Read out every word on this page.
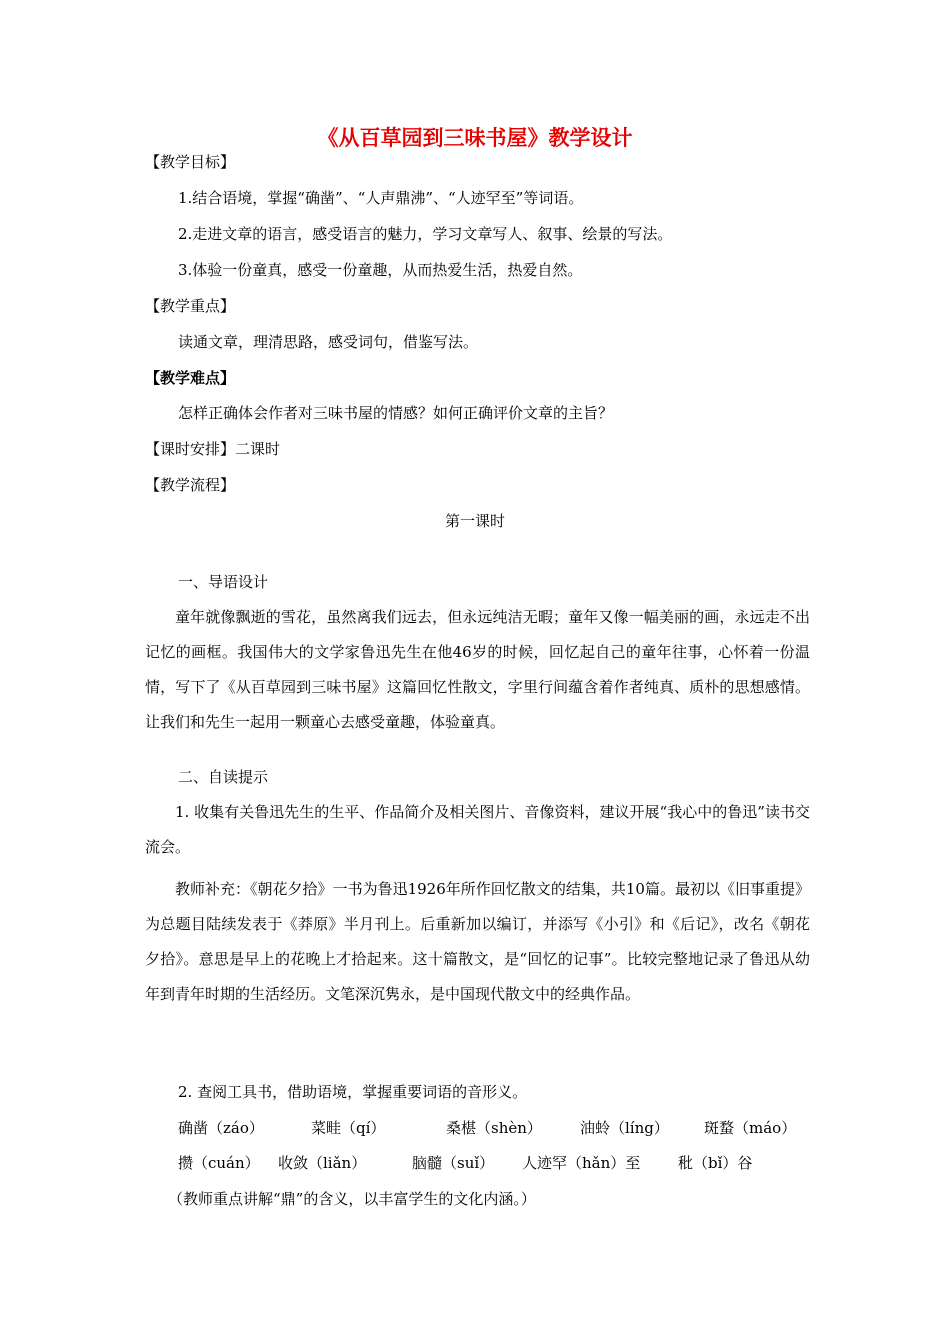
《从百草园到三味书屋》教学设计
【教学目标】
1.结合语境，掌握“确凿”、“人声鼎沸”、“人迹罕至”等词语。
2.走进文章的语言，感受语言的魅力，学习文章写人、叙事、绘景的写法。
3.体验一份童真，感受一份童趣，从而热爱生活，热爱自然。
【教学重点】
读通文章，理清思路，感受词句，借鉴写法。
【教学难点】
怎样正确体会作者对三味书屋的情感？如何正确评价文章的主旨？
【课时安排】二课时
【教学流程】
第一课时
一、导语设计

童年就像飘逝的雪花，虽然离我们远去，但永远纯洁无暇；童年又像一幅美丽的画，永远走不出记忆的画框。我国伟大的文学家鲁迅先生在他46岁的时候，回忆起自己的童年往事，心怀着一份温情，写下了《从百草园到三味书屋》这篇回忆性散文，字里行间蕴含着作者纯真、质朴的思想感情。让我们和先生一起用一颗童心去感受童趣，体验童真。

二、自读提示

1. 收集有关鲁迅先生的生平、作品简介及相关图片、音像资料，建议开展“我心中的鲁迅”读书交流会。

教师补充：《朝花夕拾》一书为鲁迅1926年所作回忆散文的结集，共10篇。最初以《旧事重提》为总题目陆续发表于《莽原》半月刊上。后重新加以编订，并添写《小引》和《后记》，改名《朝花夕拾》。意思是早上的花晚上才拾起来。这十篇散文，是“回忆的记事”。比较完整地记录了鲁迅从幼年到青年时期的生活经历。文笔深沉隽永，是中国现代散文中的经典作品。

2. 查阅工具书，借助语境，掌握重要词语的音形义。
确凿（záo）	菜畦（qí）	桑椹（shèn）	油蛉（líng） 斑蝥（máo）
攒（cuán） 收敛（liǎn）	脑髓（suǐ） 人迹罕（hǎn）至	秕（bǐ）谷
（教师重点讲解“鼎”的含义，以丰富学生的文化内涵。）
